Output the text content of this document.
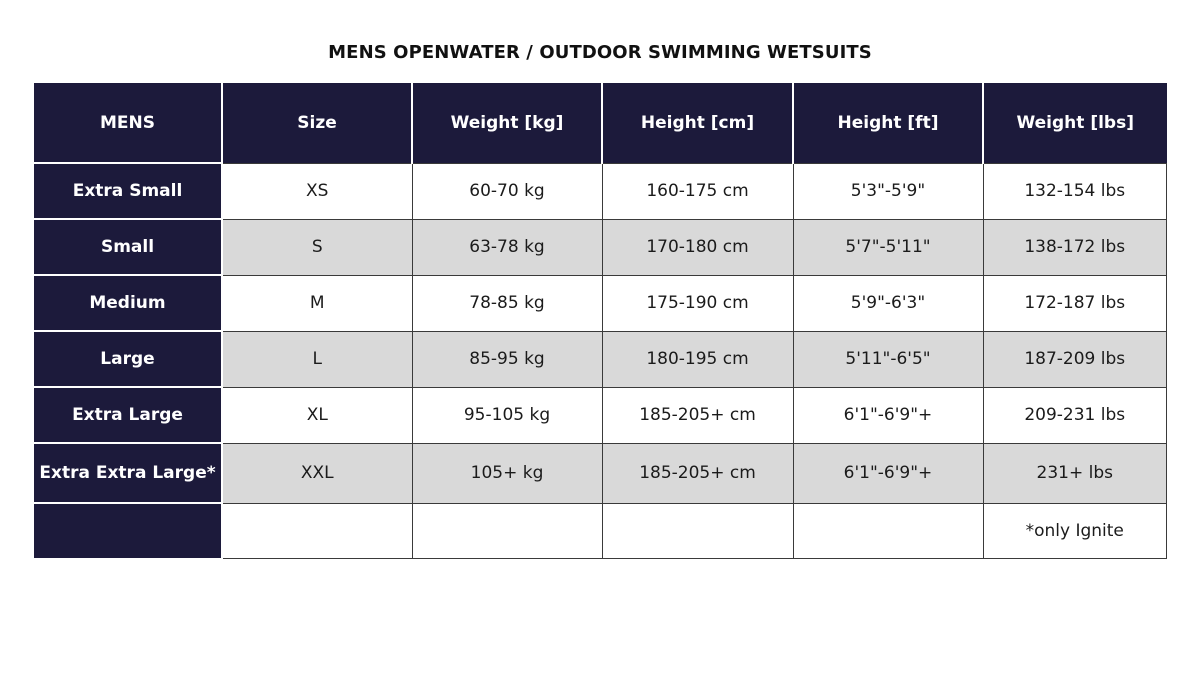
MENS OPENWATER / OUTDOOR SWIMMING WETSUITS
MENS	Size	Weight [kg]	Height [cm]	Height [ft]	Weight [lbs]
Extra Small	XS	60-70 kg	160-175 cm	5'3"-5'9"	132-154 lbs
Small	S	63-78 kg	170-180 cm	5'7"-5'11"	138-172 lbs
Medium	M	78-85 kg	175-190 cm	5'9"-6'3"	172-187 lbs
Large	L	85-95 kg	180-195 cm	5'11"-6'5"	187-209 lbs
Extra Large	XL	95-105 kg	185-205+ cm	6'1"-6'9"+	209-231 lbs
Extra Extra Large*	XXL	105+ kg	185-205+ cm	6'1"-6'9"+	231+ lbs
					*only Ignite
